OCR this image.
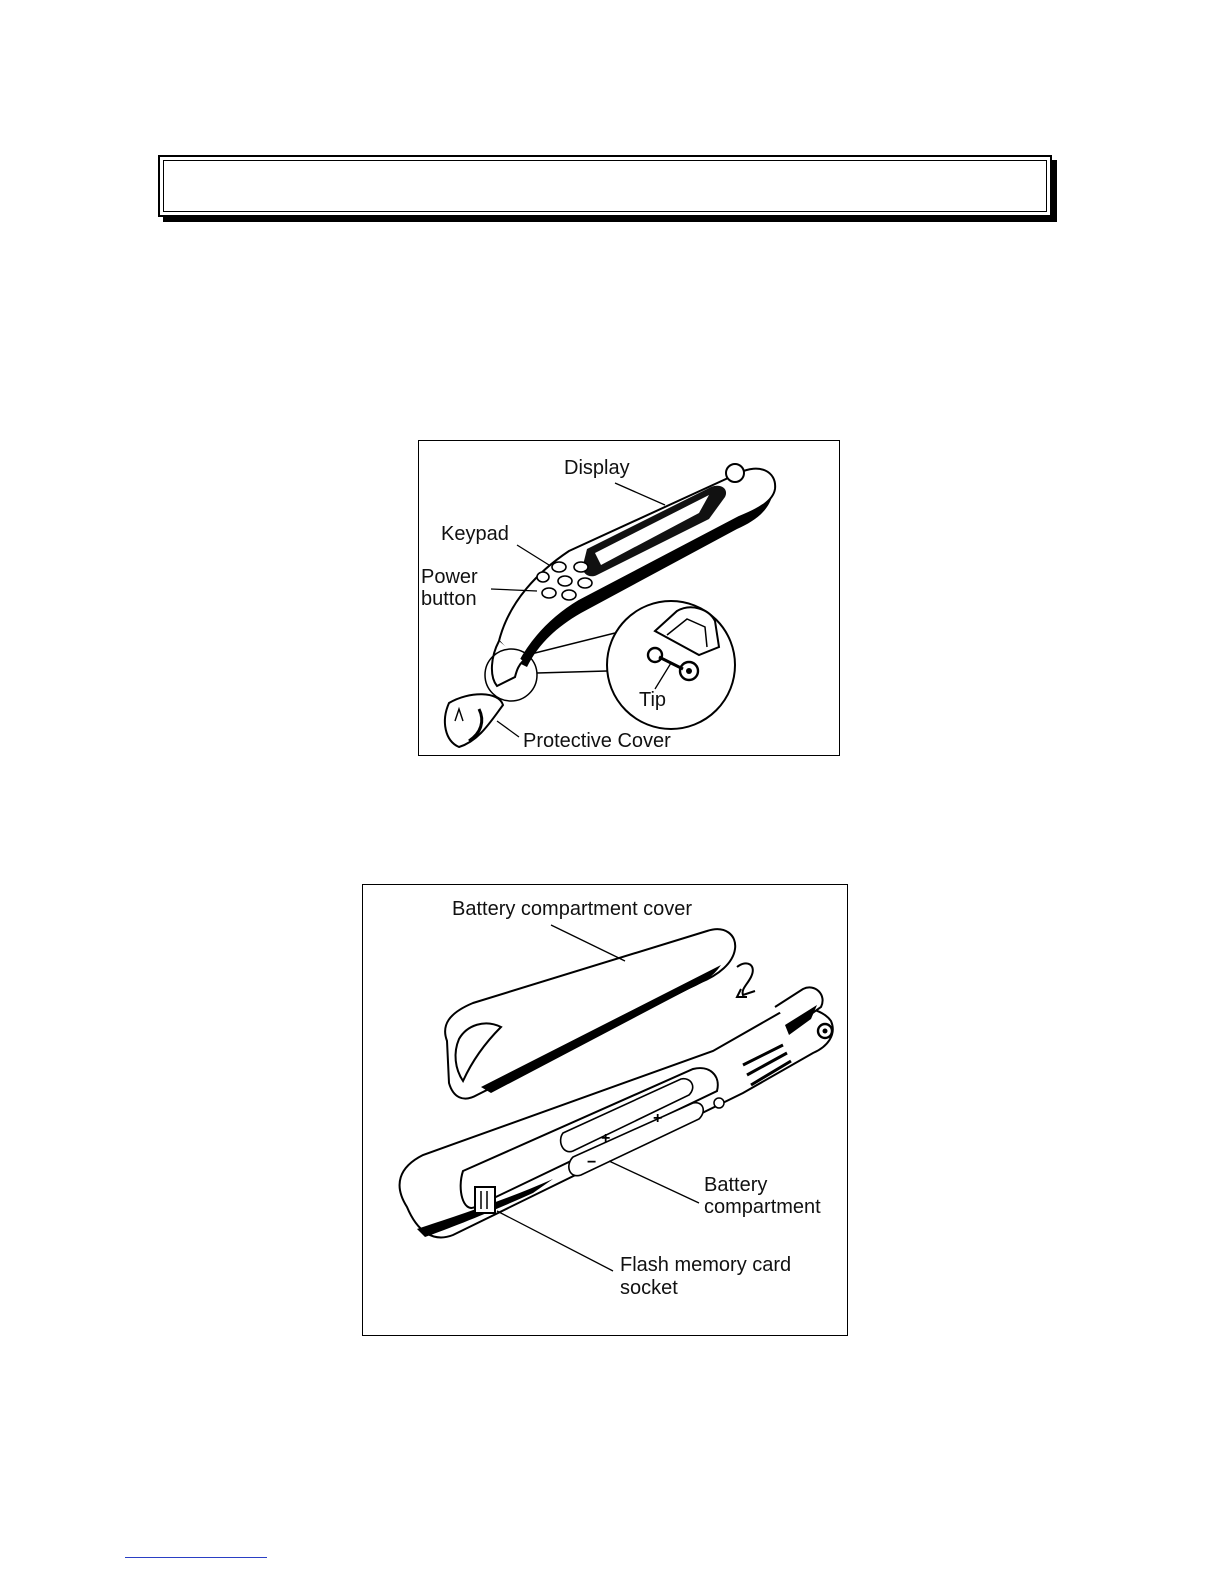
Display
Keypad
Power
button
Tip
Protective Cover
+
+
−
Battery compartment cover
Battery
compartment
Flash memory card
socket
